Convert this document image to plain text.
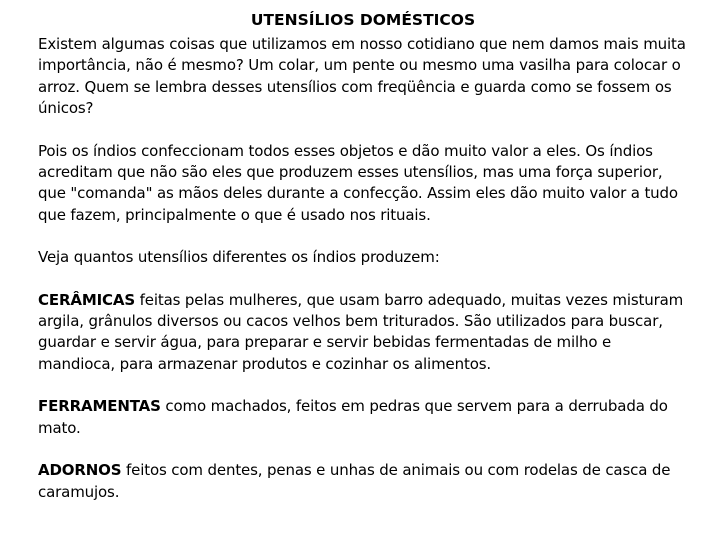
UTENSÍLIOS DOMÉSTICOS

Existem algumas coisas que utilizamos em nosso cotidiano que nem damos mais muita importância, não é mesmo? Um colar, um pente ou mesmo uma vasilha para colocar o arroz. Quem se lembra desses utensílios com freqüência e guarda como se fossem os únicos?

Pois os índios confeccionam todos esses objetos e dão muito valor a eles. Os índios acreditam que não são eles que produzem esses utensílios, mas uma força superior, que "comanda" as mãos deles durante a confecção. Assim eles dão muito valor a tudo que fazem, principalmente o que é usado nos rituais.

Veja quantos utensílios diferentes os índios produzem:

CERÂMICAS feitas pelas mulheres, que usam barro adequado, muitas vezes misturam argila, grânulos diversos ou cacos velhos bem triturados. São utilizados para buscar, guardar e servir água, para preparar e servir bebidas fermentadas de milho e mandioca, para armazenar produtos e cozinhar os alimentos.

FERRAMENTAS como machados, feitos em pedras que servem para a derrubada do mato.

ADORNOS feitos com dentes, penas e unhas de animais ou com rodelas de casca de caramujos.
